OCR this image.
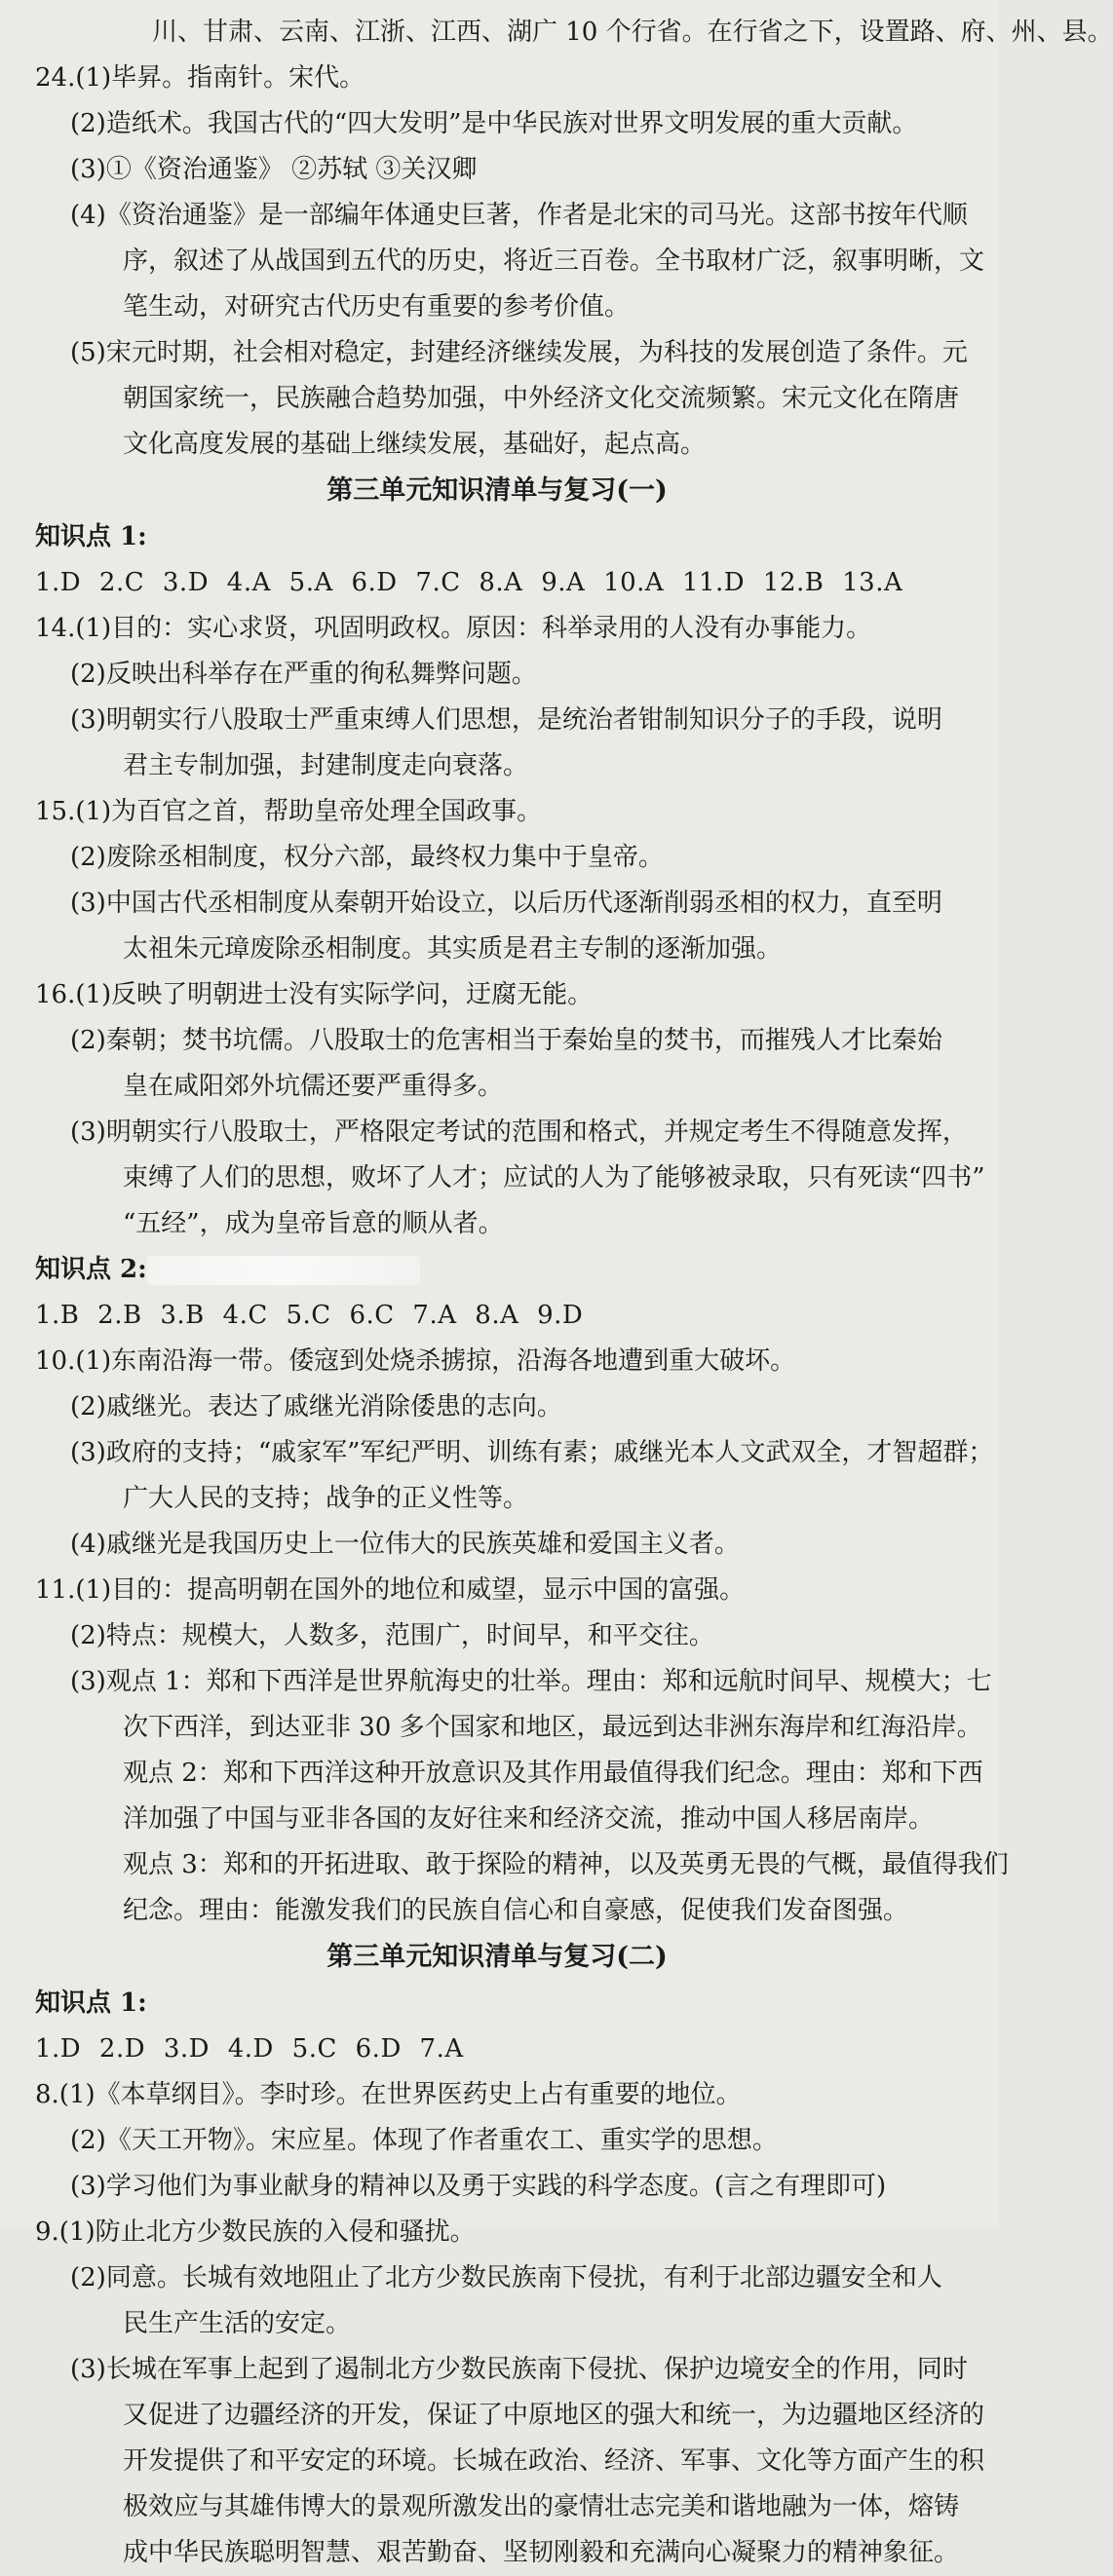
川、甘肃、云南、江浙、江西、湖广 10 个行省。在行省之下，设置路、府、州、县。
24.(1)毕昇。指南针。宋代。
(2)造纸术。我国古代的“四大发明”是中华民族对世界文明发展的重大贡献。
(3)①《资治通鉴》 ②苏轼 ③关汉卿
(4)《资治通鉴》是一部编年体通史巨著，作者是北宋的司马光。这部书按年代顺
序，叙述了从战国到五代的历史，将近三百卷。全书取材广泛，叙事明晰，文
笔生动，对研究古代历史有重要的参考价值。
(5)宋元时期，社会相对稳定，封建经济继续发展，为科技的发展创造了条件。元
朝国家统一，民族融合趋势加强，中外经济文化交流频繁。宋元文化在隋唐
文化高度发展的基础上继续发展，基础好，起点高。
第三单元知识清单与复习(一)
知识点 1:
1.D 2.C 3.D 4.A 5.A 6.D 7.C 8.A 9.A 10.A 11.D 12.B 13.A
14.(1)目的：实心求贤，巩固明政权。原因：科举录用的人没有办事能力。
(2)反映出科举存在严重的徇私舞弊问题。
(3)明朝实行八股取士严重束缚人们思想，是统治者钳制知识分子的手段，说明
君主专制加强，封建制度走向衰落。
15.(1)为百官之首，帮助皇帝处理全国政事。
(2)废除丞相制度，权分六部，最终权力集中于皇帝。
(3)中国古代丞相制度从秦朝开始设立，以后历代逐渐削弱丞相的权力，直至明
太祖朱元璋废除丞相制度。其实质是君主专制的逐渐加强。
16.(1)反映了明朝进士没有实际学问，迂腐无能。
(2)秦朝；焚书坑儒。八股取士的危害相当于秦始皇的焚书，而摧残人才比秦始
皇在咸阳郊外坑儒还要严重得多。
(3)明朝实行八股取士，严格限定考试的范围和格式，并规定考生不得随意发挥，
束缚了人们的思想，败坏了人才；应试的人为了能够被录取，只有死读“四书”
“五经”，成为皇帝旨意的顺从者。
知识点 2:
1.B 2.B 3.B 4.C 5.C 6.C 7.A 8.A 9.D
10.(1)东南沿海一带。倭寇到处烧杀掳掠，沿海各地遭到重大破坏。
(2)戚继光。表达了戚继光消除倭患的志向。
(3)政府的支持；“戚家军”军纪严明、训练有素；戚继光本人文武双全，才智超群；
广大人民的支持；战争的正义性等。
(4)戚继光是我国历史上一位伟大的民族英雄和爱国主义者。
11.(1)目的：提高明朝在国外的地位和威望，显示中国的富强。
(2)特点：规模大，人数多，范围广，时间早，和平交往。
(3)观点 1：郑和下西洋是世界航海史的壮举。理由：郑和远航时间早、规模大；七
次下西洋，到达亚非 30 多个国家和地区，最远到达非洲东海岸和红海沿岸。
观点 2：郑和下西洋这种开放意识及其作用最值得我们纪念。理由：郑和下西
洋加强了中国与亚非各国的友好往来和经济交流，推动中国人移居南岸。
观点 3：郑和的开拓进取、敢于探险的精神，以及英勇无畏的气概，最值得我们
纪念。理由：能激发我们的民族自信心和自豪感，促使我们发奋图强。
第三单元知识清单与复习(二)
知识点 1:
1.D 2.D 3.D 4.D 5.C 6.D 7.A
8.(1)《本草纲目》。李时珍。在世界医药史上占有重要的地位。
(2)《天工开物》。宋应星。体现了作者重农工、重实学的思想。
(3)学习他们为事业献身的精神以及勇于实践的科学态度。(言之有理即可)
9.(1)防止北方少数民族的入侵和骚扰。
(2)同意。长城有效地阻止了北方少数民族南下侵扰，有利于北部边疆安全和人
民生产生活的安定。
(3)长城在军事上起到了遏制北方少数民族南下侵扰、保护边境安全的作用，同时
又促进了边疆经济的开发，保证了中原地区的强大和统一，为边疆地区经济的
开发提供了和平安定的环境。长城在政治、经济、军事、文化等方面产生的积
极效应与其雄伟博大的景观所激发出的豪情壮志完美和谐地融为一体，熔铸
成中华民族聪明智慧、艰苦勤奋、坚韧刚毅和充满向心凝聚力的精神象征。
